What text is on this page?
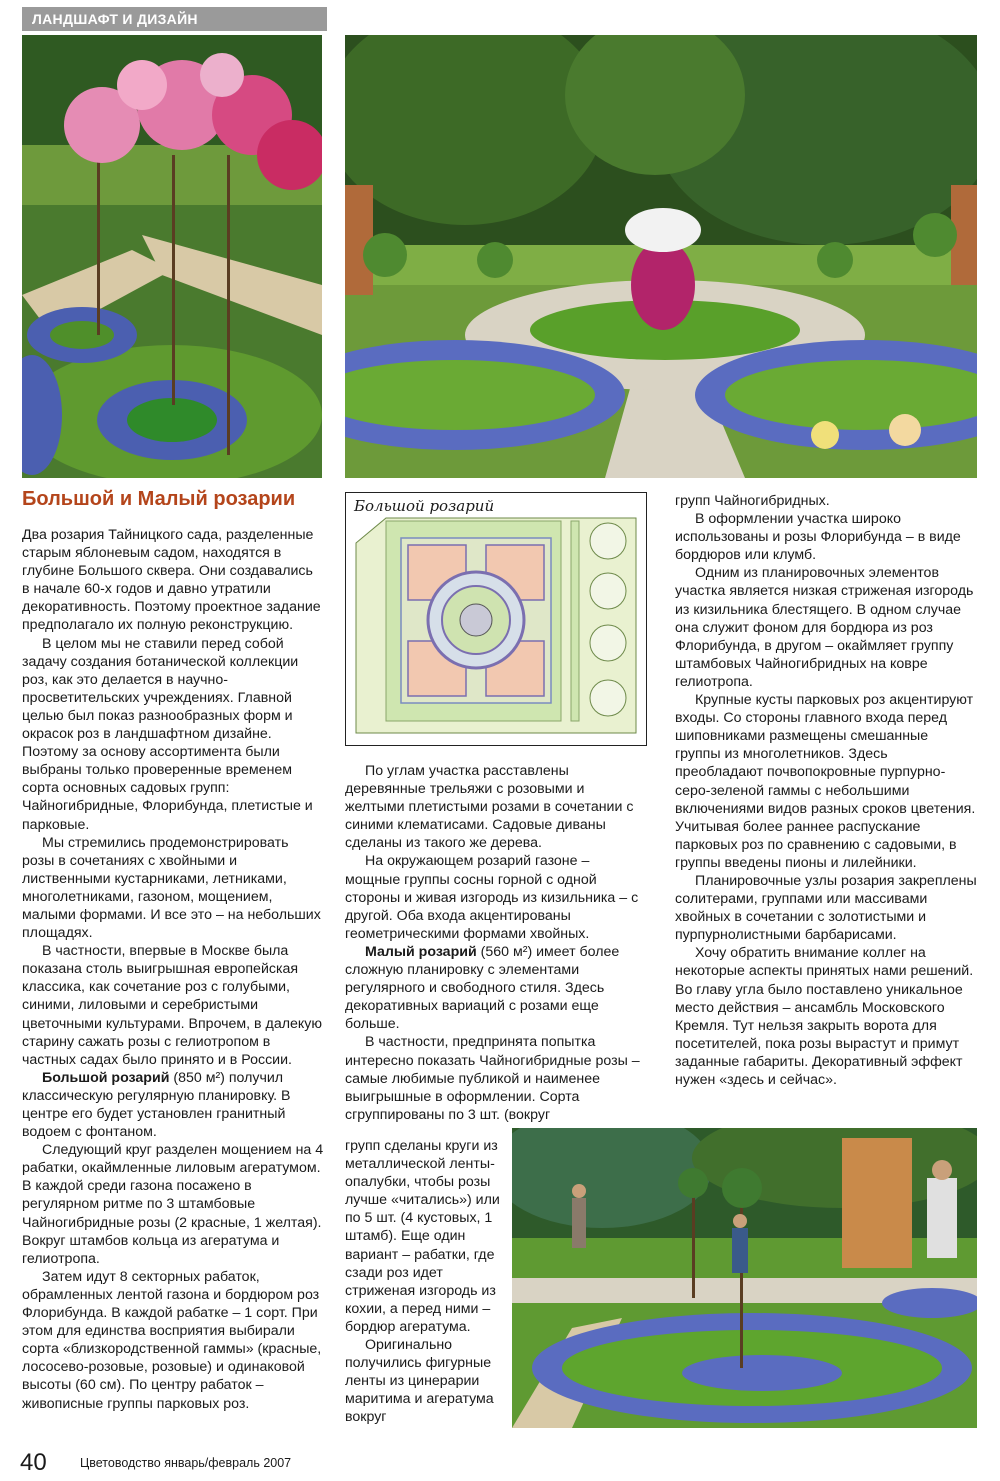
ЛАНДШАФТ И ДИЗАЙН
Большой и Малый розарии

Два розария Тайницкого сада, разделенные старым яблоневым садом, находятся в глубине Большого сквера. Они создавались в начале 60-х годов и давно утратили декоративность. Поэтому проектное задание предполагало их полную реконструкцию.

В целом мы не ставили перед собой задачу создания ботанической коллекции роз, как это делается в научно-просветительских учреждениях. Главной целью был показ разнообразных форм и окрасок роз в ландшафтном дизайне. Поэтому за основу ассортимента были выбраны только проверенные временем сорта основных садовых групп: Чайногибридные, Флорибунда, плетистые и парковые.

Мы стремились продемонстрировать розы в сочетаниях с хвойными и лиственными кустарниками, летниками, многолетниками, газоном, мощением, малыми формами. И все это – на небольших площадях.

В частности, впервые в Москве была показана столь выигрышная европейская классика, как сочетание роз с голубыми, синими, лиловыми и серебристыми цветочными культурами. Впрочем, в далекую старину сажать розы с гелиотропом в частных садах было принято и в России.

Большой розарий (850 м²) получил классическую регулярную планировку. В центре его будет установлен гранитный водоем с фонтаном.

Следующий круг разделен мощением на 4 рабатки, окаймленные лиловым агератумом. В каждой среди газона посажено в регулярном ритме по 3 штамбовые Чайногибридные розы (2 красные, 1 желтая). Вокруг штамбов кольца из агератума и гелиотропа.

Затем идут 8 секторных рабаток, обрамленных лентой газона и бордюром роз Флорибунда. В каждой рабатке – 1 сорт. При этом для единства восприятия выбирали сорта «близкородственной гаммы» (красные, лососево-розовые, розовые) и одинаковой высоты (60 см). По центру рабаток – живописные группы парковых роз.

Большой розарий

По углам участка расставлены деревянные трельяжи с розовыми и желтыми плетистыми розами в сочетании с синими клематисами. Садовые диваны сделаны из такого же дерева.

На окружающем розарий газоне – мощные группы сосны горной с одной стороны и живая изгородь из кизильника – с другой. Оба входа акцентированы геометрическими формами хвойных.

Малый розарий (560 м²) имеет более сложную планировку с элементами регулярного и свободного стиля. Здесь декоративных вариаций с розами еще больше.

В частности, предпринята попытка интересно показать Чайногибридные розы – самые любимые публикой и наименее выигрышные в оформлении. Сорта сгруппированы по 3 шт. (вокруг

групп сделаны круги из металлической ленты-опалубки, чтобы розы лучше «читались») или по 5 шт. (4 кустовых, 1 штамб). Еще один вариант – рабатки, где сзади роз идет стриженая изгородь из кохии, а перед ними – бордюр агератума.

Оригинально получились фигурные ленты из цинерарии маритима и агератума вокруг

групп Чайногибридных.

В оформлении участка широко использованы и розы Флорибунда – в виде бордюров или клумб.

Одним из планировочных элементов участка является низкая стриженая изгородь из кизильника блестящего. В одном случае она служит фоном для бордюра из роз Флорибунда, в другом – окаймляет группу штамбовых Чайногибридных на ковре гелиотропа.

Крупные кусты парковых роз акцентируют входы. Со стороны главного входа перед шиповниками размещены смешанные группы из многолетников. Здесь преобладают почвопокровные пурпурно-серо-зеленой гаммы с небольшими включениями видов разных сроков цветения. Учитывая более раннее распускание парковых роз по сравнению с садовыми, в группы введены пионы и лилейники.

Планировочные узлы розария закреплены солитерами, группами или массивами хвойных в сочетании с золотистыми и пурпурнолистными барбарисами.

Хочу обратить внимание коллег на некоторые аспекты принятых нами решений. Во главу угла было поставлено уникальное место действия – ансамбль Московского Кремля. Тут нельзя закрыть ворота для посетителей, пока розы вырастут и примут заданные габариты. Декоративный эффект нужен «здесь и сейчас».

40	Цветоводство январь/февраль 2007
